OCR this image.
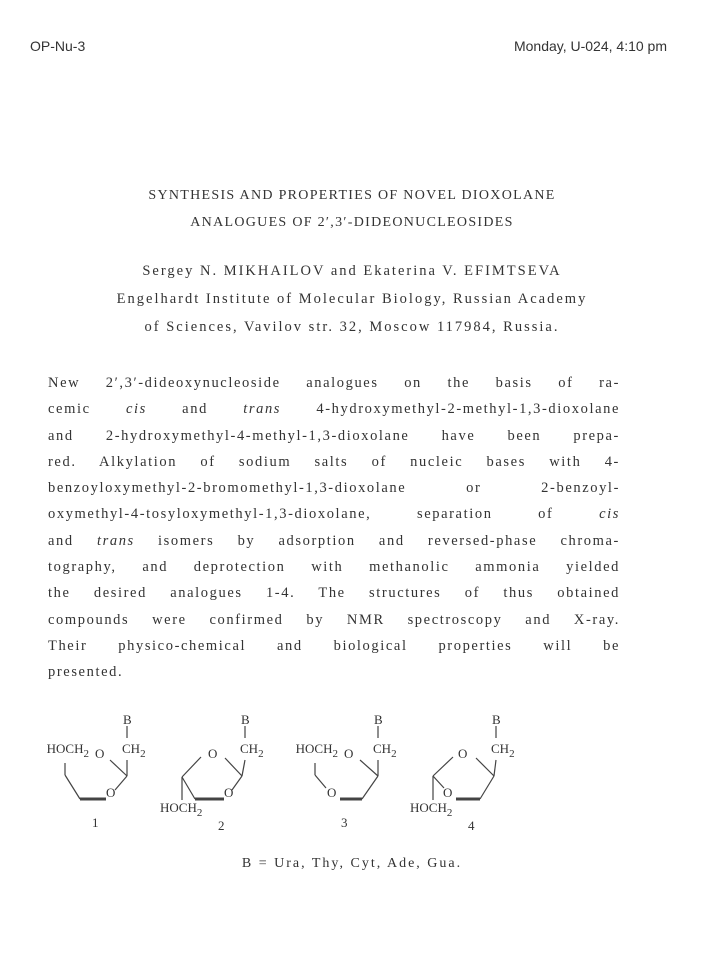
OP-Nu-3	Monday, U-024, 4:10 pm
SYNTHESIS AND PROPERTIES OF NOVEL DIOXOLANE
ANALOGUES OF 2′,3′-DIDEONUCLEOSIDES
Sergey N. MIKHAILOV and Ekaterina V. EFIMTSEVA
Engelhardt Institute of Molecular Biology, Russian Academy
of Sciences, Vavilov str. 32, Moscow 117984, Russia.
New 2′,3′-dideoxynucleoside analogues on the basis of ra-
cemic cis and trans 4-hydroxymethyl-2-methyl-1,3-dioxolane
and 2-hydroxymethyl-4-methyl-1,3-dioxolane have been prepa-
red. Alkylation of sodium salts of nucleic bases with 4-
benzoyloxymethyl-2-bromomethyl-1,3-dioxolane or 2-benzoyl-
oxymethyl-4-tosyloxymethyl-1,3-dioxolane, separation of cis
and trans isomers by adsorption and reversed-phase chroma-
tography, and deprotection with methanolic ammonia yielded
the desired analogues 1-4. The structures of thus obtained
compounds were confirmed by NMR spectroscopy and X-ray.
Their physico-chemical and biological properties will be
presented.
B
$HOCH_2$ O $CH_2$
O
1
B
O $CH_2$
O
$HOCH_2$
2
B
$HOCH_2$ O $CH_2$
O
3
B
O $CH_2$
O
$HOCH_2$
4
B = Ura, Thy, Cyt, Ade, Gua.
